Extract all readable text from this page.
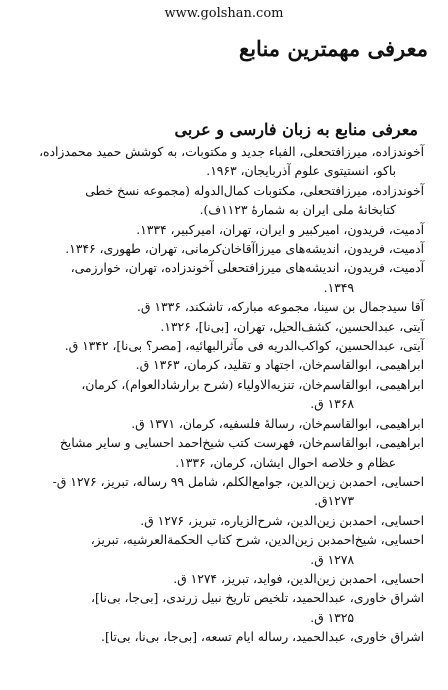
www.golshan.com
معرفی مهمترین منابع
معرفی منابع به زبان فارسی و عربی
آخوندزاده، میرزافتحعلی، الفباء جدید و مکتوبات، به کوشش حمید محمدزاده،
باکو، انستیتوی علوم آذربایجان، ۱۹۶۳.
آخوندزاده، میرزافتحعلی، مکتوبات کمال‌الدوله (مجموعه نسخ خطی
کتابخانهٔ ملی ایران به شمارهٔ ۱۱۲۳ف).
آدمیت، فریدون، امیرکبیر و ایران، تهران، امیرکبیر، ۱۳۳۴.
آدمیت، فریدون، اندیشه‌های میرزاآقاخان‌کرمانی، تهران، طهوری، ۱۳۴۶.
آدمیت، فریدون، اندیشه‌های میرزافتحعلی آخوندزاده، تهران، خوارزمی،
۱۳۴۹.
آقا سیدجمال بن سینا، مجموعه مبارکه، تاشکند، ۱۳۳۶ ق.
آیتی، عبدالحسین، کشف‌الحیل، تهران، [بی‌نا]، ۱۳۲۶.
آیتی، عبدالحسین، کواکب‌الدریه فی مآثرالبهائیه، [مصر؟ بی‌نا]، ۱۳۴۲ ق.
ابراهیمی، ابوالقاسم‌خان، اجتهاد و تقلید، کرمان، ۱۳۶۳ ق.
ابراهیمی، ابوالقاسم‌خان، تنزیه‌الاولیاء (شرح برارشادالعوام)، کرمان،
۱۳۶۸ ق.
ابراهیمی، ابوالقاسم‌خان، رسالهٔ فلسفیه، کرمان، ۱۳۷۱ ق.
ابراهیمی، ابوالقاسم‌خان، فهرست کتب شیخ‌احمد احسایی و سایر مشایخ
عظام و خلاصه احوال ایشان، کرمان، ۱۳۳۶.
احسایی، احمدبن زین‌الدین، جوامع‌الکلم، شامل ۹۹ رساله، تبریز، ۱۲۷۶ ق-
۱۲۷۳ق.
احسایی، احمدبن زین‌الدین، شرح‌الزیاره، تبریز، ۱۲۷۶ ق.
احسایی، شیخ‌احمدبن زین‌الدین، شرح کتاب الحکمةالعرشیه، تبریز،
۱۲۷۸ ق.
احسایی، احمدبن زین‌الدین، فواید، تبریز، ۱۲۷۴ ق.
اشراق خاوری، عبدالحمید، تلخیص تاریخ نبیل زرندی، [بی‌جا، بی‌نا]،
۱۳۲۵ ق.
اشراق خاوری، عبدالحمید، رساله ایام تسعه، [بی‌جا، بی‌نا، بی‌تا].
